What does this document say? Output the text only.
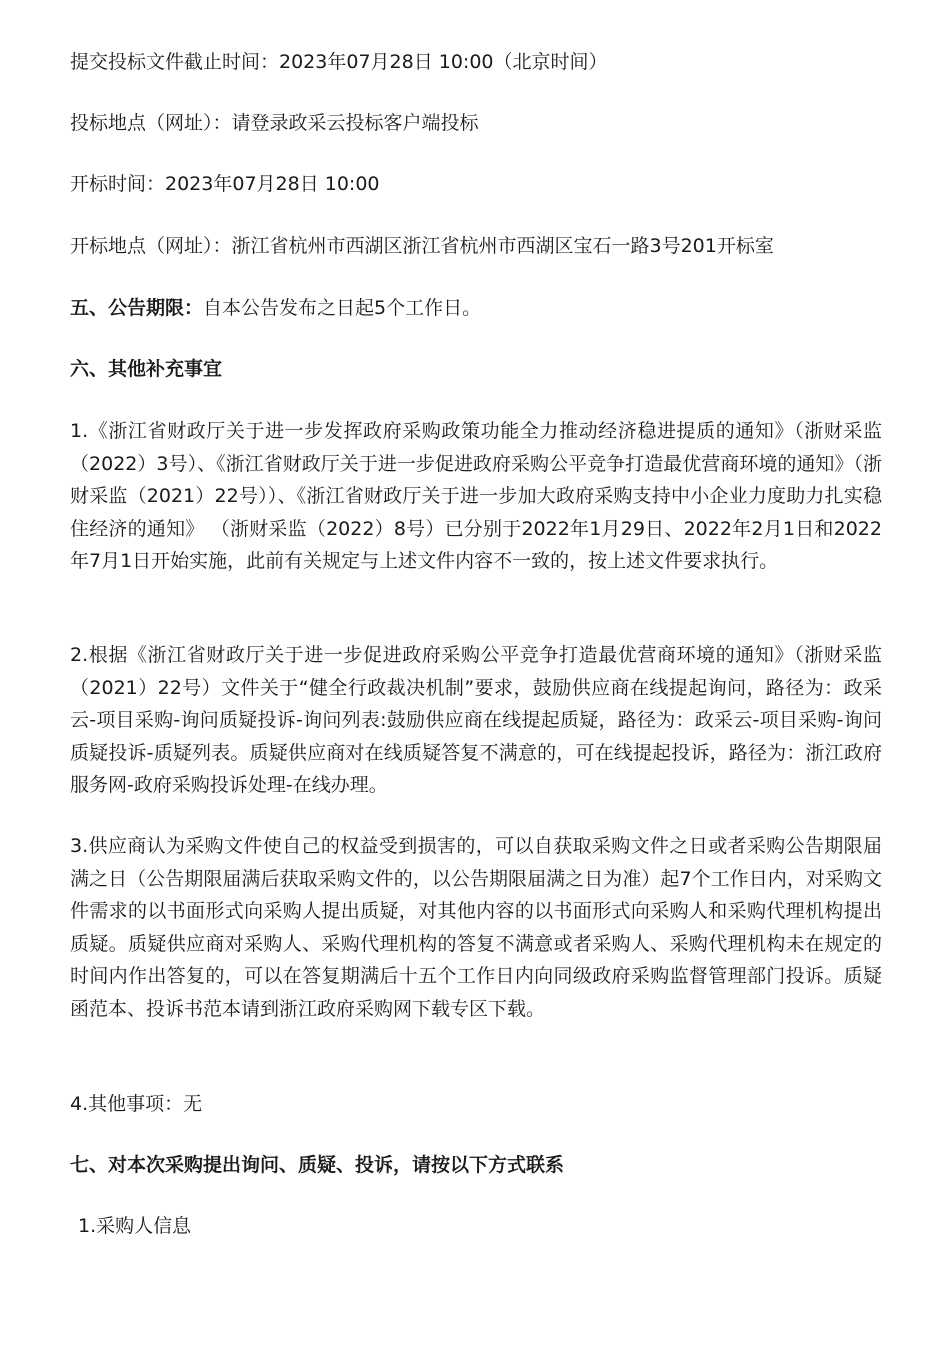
提交投标文件截止时间：2023年07月28日 10:00（北京时间）
投标地点（网址）：请登录政采云投标客户端投标
开标时间：2023年07月28日 10:00
开标地点（网址）：浙江省杭州市西湖区浙江省杭州市西湖区宝石一路3号201开标室
五、公告期限：自本公告发布之日起5个工作日。
六、其他补充事宜
1.《浙江省财政厅关于进一步发挥政府采购政策功能全力推动经济稳进提质的通知》（浙财采监（2022）3号）、《浙江省财政厅关于进一步促进政府采购公平竞争打造最优营商环境的通知》（浙财采监（2021）22号））、《浙江省财政厅关于进一步加大政府采购支持中小企业力度助力扎实稳住经济的通知》 （浙财采监（2022）8号）已分别于2022年1月29日、2022年2月1日和2022年7月1日开始实施，此前有关规定与上述文件内容不一致的，按上述文件要求执行。
2.根据《浙江省财政厅关于进一步促进政府采购公平竞争打造最优营商环境的通知》（浙财采监（2021）22号）文件关于“健全行政裁决机制”要求，鼓励供应商在线提起询问，路径为：政采云-项目采购-询问质疑投诉-询问列表:鼓励供应商在线提起质疑，路径为：政采云-项目采购-询问质疑投诉-质疑列表。质疑供应商对在线质疑答复不满意的，可在线提起投诉，路径为：浙江政府服务网-政府采购投诉处理-在线办理。
3.供应商认为采购文件使自己的权益受到损害的，可以自获取采购文件之日或者采购公告期限届满之日（公告期限届满后获取采购文件的，以公告期限届满之日为准）起7个工作日内，对采购文件需求的以书面形式向采购人提出质疑，对其他内容的以书面形式向采购人和采购代理机构提出质疑。质疑供应商对采购人、采购代理机构的答复不满意或者采购人、采购代理机构未在规定的时间内作出答复的，可以在答复期满后十五个工作日内向同级政府采购监督管理部门投诉。质疑函范本、投诉书范本请到浙江政府采购网下载专区下载。
4.其他事项：无
七、对本次采购提出询问、质疑、投诉，请按以下方式联系
1.采购人信息
